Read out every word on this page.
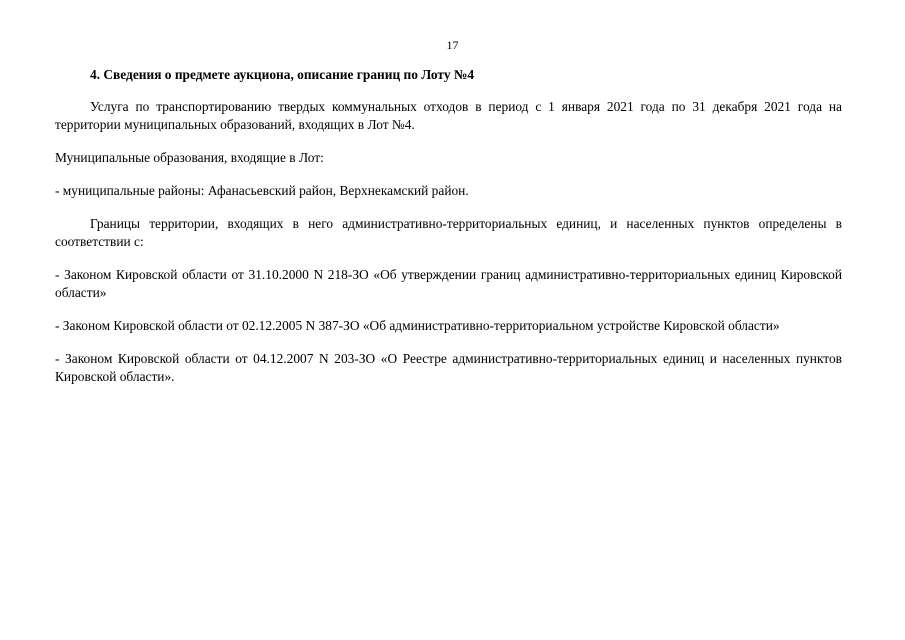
17

4. Сведения о предмете аукциона, описание границ по Лоту №4

Услуга по транспортированию твердых коммунальных отходов в период с 1 января 2021 года по 31 декабря 2021 года на территории муниципальных образований, входящих в Лот №4.

Муниципальные образования, входящие в Лот:

- муниципальные районы: Афанасьевский район, Верхнекамский район.

Границы территории, входящих в него административно-территориальных единиц, и населенных пунктов определены в соответствии с:

- Законом Кировской области от 31.10.2000 N 218-ЗО «Об утверждении границ административно-территориальных единиц Кировской области»

- Законом Кировской области от 02.12.2005 N 387-ЗО «Об административно-территориальном устройстве Кировской области»

- Законом Кировской области от 04.12.2007 N 203-ЗО «О Реестре административно-территориальных единиц и населенных пунктов Кировской области».
